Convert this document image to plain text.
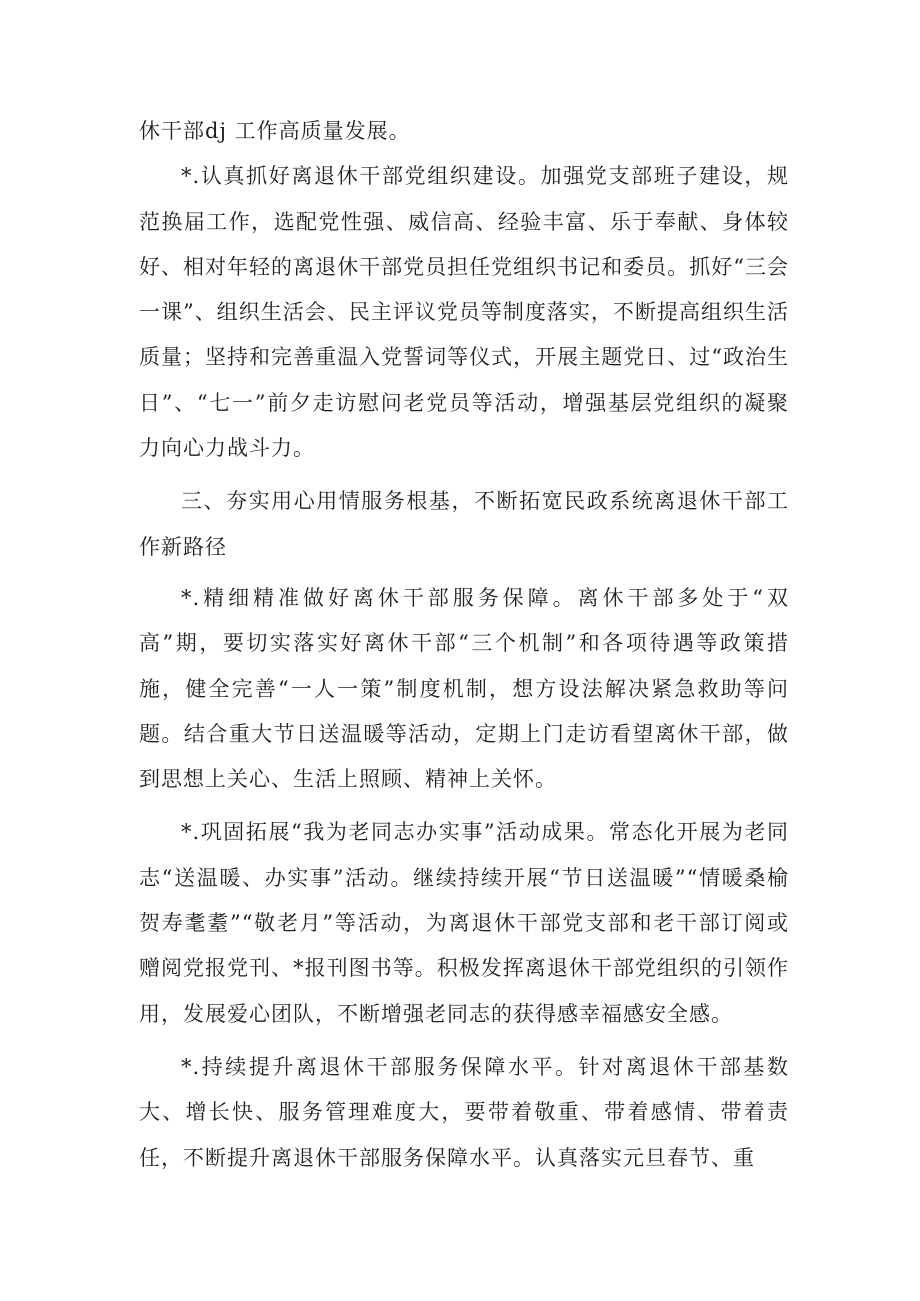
休干部dj 工作高质量发展。

*.认真抓好离退休干部党组织建设。加强党支部班子建设，规范换届工作，选配党性强、威信高、经验丰富、乐于奉献、身体较好、相对年轻的离退休干部党员担任党组织书记和委员。抓好“三会一课”、组织生活会、民主评议党员等制度落实，不断提高组织生活质量；坚持和完善重温入党誓词等仪式，开展主题党日、过“政治生日”、“七一”前夕走访慰问老党员等活动，增强基层党组织的凝聚力向心力战斗力。

三、夯实用心用情服务根基，不断拓宽民政系统离退休干部工作新路径

*.精细精准做好离休干部服务保障。离休干部多处于“双高”期，要切实落实好离休干部“三个机制”和各项待遇等政策措施，健全完善“一人一策”制度机制，想方设法解决紧急救助等问题。结合重大节日送温暖等活动，定期上门走访看望离休干部，做到思想上关心、生活上照顾、精神上关怀。

*.巩固拓展“我为老同志办实事”活动成果。常态化开展为老同志“送温暖、办实事”活动。继续持续开展“节日送温暖”“情暖桑榆贺寿耄耋”“敬老月”等活动，为离退休干部党支部和老干部订阅或赠阅党报党刊、*报刊图书等。积极发挥离退休干部党组织的引领作用，发展爱心团队，不断增强老同志的获得感幸福感安全感。

*.持续提升离退休干部服务保障水平。针对离退休干部基数大、增长快、服务管理难度大，要带着敬重、带着感情、带着责任，不断提升离退休干部服务保障水平。认真落实元旦春节、重
